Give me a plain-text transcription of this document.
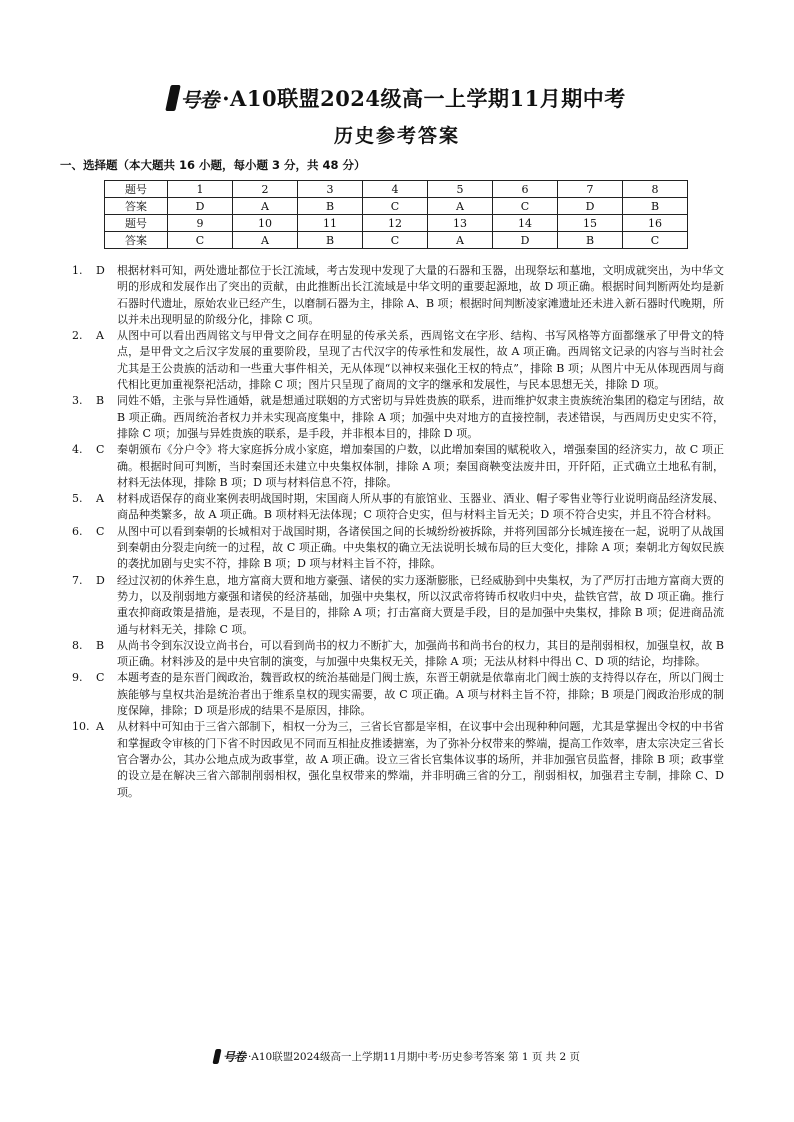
号卷 ·A10联盟2024级高一上学期11月期中考
历史参考答案
一、选择题（本大题共 16 小题，每小题 3 分，共 48 分）
题号	1	2	3	4	5	6	7	8
答案	D	A	B	C	A	C	D	B
题号	9	10	11	12	13	14	15	16
答案	C	A	B	C	A	D	B	C
1. D 根据材料可知，两处遗址都位于长江流域，考古发现中发现了大量的石器和玉器，出现祭坛和墓地，文明成就突出，为中华文明的形成和发展作出了突出的贡献，由此推断出长江流域是中华文明的重要起源地，故 D 项正确。根据时间判断两处均是新石器时代遗址，原始农业已经产生，以磨制石器为主，排除 A、B 项；根据时间判断凌家滩遗址还未进入新石器时代晚期，所以并未出现明显的阶级分化，排除 C 项。
2. A 从图中可以看出西周铭文与甲骨文之间存在明显的传承关系，西周铭文在字形、结构、书写风格等方面都继承了甲骨文的特点，是甲骨文之后汉字发展的重要阶段，呈现了古代汉字的传承性和发展性，故 A 项正确。西周铭文记录的内容与当时社会尤其是王公贵族的活动和一些重大事件相关，无从体现“以神权来强化王权的特点”，排除 B 项；从图片中无从体现西周与商代相比更加重视祭祀活动，排除 C 项；图片只呈现了商周的文字的继承和发展性，与民本思想无关，排除 D 项。
3. B 同姓不婚，主张与异性通婚，就是想通过联姻的方式密切与异姓贵族的联系，进而维护奴隶主贵族统治集团的稳定与团结，故 B 项正确。西周统治者权力并未实现高度集中，排除 A 项；加强中央对地方的直接控制，表述错误，与西周历史史实不符，排除 C 项；加强与异姓贵族的联系，是手段，并非根本目的，排除 D 项。
4. C 秦朝颁布《分户令》将大家庭拆分成小家庭，增加秦国的户数，以此增加秦国的赋税收入，增强秦国的经济实力，故 C 项正确。根据时间可判断，当时秦国还未建立中央集权体制，排除 A 项；秦国商鞅变法废井田，开阡陌，正式确立土地私有制，材料无法体现，排除 B 项；D 项与材料信息不符，排除。
5. A 材料成语保存的商业案例表明战国时期，宋国商人所从事的有旅馆业、玉器业、酒业、帽子零售业等行业说明商品经济发展、商品种类繁多，故 A 项正确。B 项材料无法体现；C 项符合史实，但与材料主旨无关；D 项不符合史实，并且不符合材料。
6. C 从图中可以看到秦朝的长城相对于战国时期，各诸侯国之间的长城纷纷被拆除，并将列国部分长城连接在一起，说明了从战国到秦朝由分裂走向统一的过程，故 C 项正确。中央集权的确立无法说明长城布局的巨大变化，排除 A 项；秦朝北方匈奴民族的袭扰加剧与史实不符，排除 B 项；D 项与材料主旨不符，排除。
7. D 经过汉初的休养生息，地方富商大贾和地方豪强、诸侯的实力逐渐膨胀，已经威胁到中央集权，为了严厉打击地方富商大贾的势力，以及削弱地方豪强和诸侯的经济基础，加强中央集权，所以汉武帝将铸币权收归中央，盐铁官营，故 D 项正确。推行重农抑商政策是措施，是表现，不是目的，排除 A 项；打击富商大贾是手段，目的是加强中央集权，排除 B 项；促进商品流通与材料无关，排除 C 项。
8. B 从尚书令到东汉设立尚书台，可以看到尚书的权力不断扩大，加强尚书和尚书台的权力，其目的是削弱相权，加强皇权，故 B 项正确。材料涉及的是中央官制的演变，与加强中央集权无关，排除 A 项；无法从材料中得出 C、D 项的结论，均排除。
9. C 本题考查的是东晋门阀政治，魏晋政权的统治基础是门阀士族，东晋王朝就是依靠南北门阀士族的支持得以存在，所以门阀士族能够与皇权共治是统治者出于维系皇权的现实需要，故 C 项正确。A 项与材料主旨不符，排除；B 项是门阀政治形成的制度保障，排除；D 项是形成的结果不是原因，排除。
10. A 从材料中可知由于三省六部制下，相权一分为三，三省长官都是宰相，在议事中会出现种种问题，尤其是掌握出令权的中书省和掌握政令审核的门下省不时因政见不同而互相扯皮推诿搪塞，为了弥补分权带来的弊端，提高工作效率，唐太宗决定三省长官合署办公，其办公地点成为政事堂，故 A 项正确。设立三省长官集体议事的场所，并非加强官员监督，排除 B 项；政事堂的设立是在解决三省六部制削弱相权，强化皇权带来的弊端，并非明确三省的分工，削弱相权，加强君主专制，排除 C、D 项。
号卷 ·A10联盟2024级高一上学期11月期中考·历史参考答案 第 1 页 共 2 页
